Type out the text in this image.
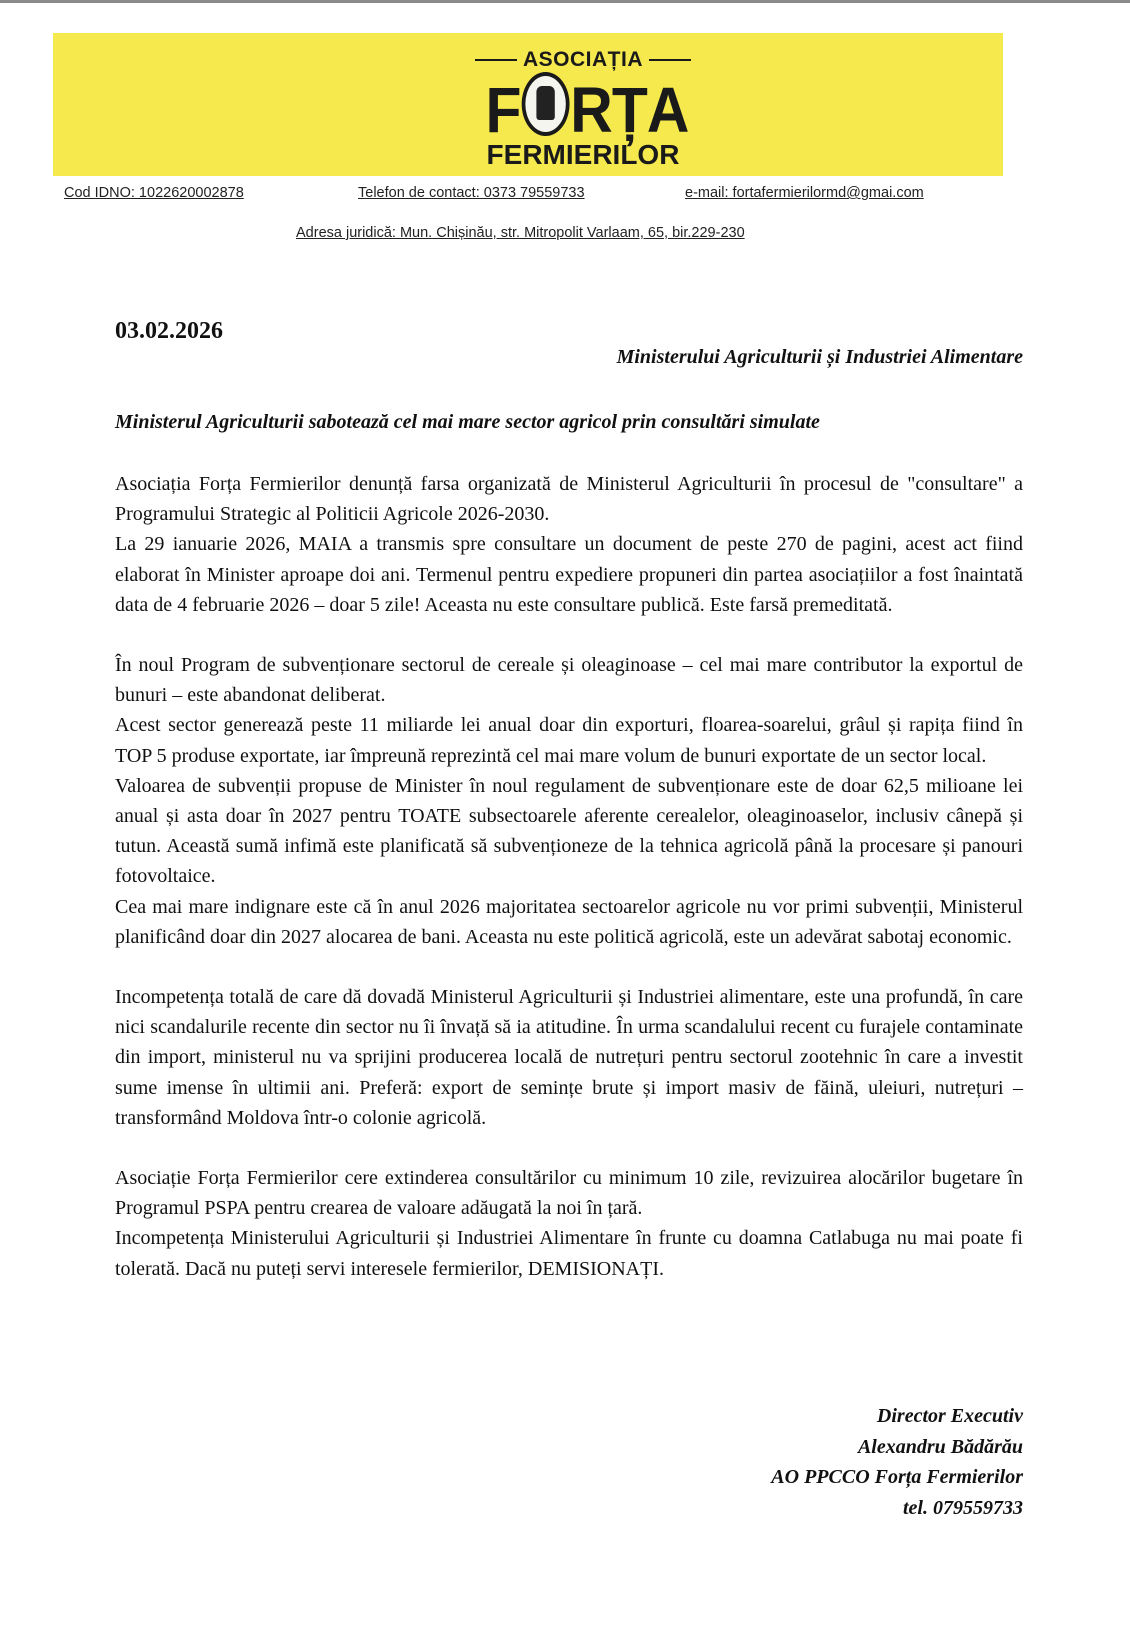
ASOCIAȚIA
F RȚA
FERMIERILOR
Cod IDNO: 1022620002878	Telefon de contact: 0373 79559733	e-mail: fortafermierilormd@gmai.com
Adresa juridică: Mun. Chișinău, str. Mitropolit Varlaam, 65, bir.229-230
03.02.2026
Ministerului Agriculturii și Industriei Alimentare
Ministerul Agriculturii sabotează cel mai mare sector agricol prin consultări simulate

Asociația Forța Fermierilor denunță farsa organizată de Ministerul Agriculturii în procesul de "consultare" a Programului Strategic al Politicii Agricole 2026-2030.

La 29 ianuarie 2026, MAIA a transmis spre consultare un document de peste 270 de pagini, acest act fiind elaborat în Minister aproape doi ani. Termenul pentru expediere propuneri din partea asociațiilor a fost înaintată data de 4 februarie 2026 – doar 5 zile! Aceasta nu este consultare publică. Este farsă premeditată.

În noul Program de subvenționare sectorul de cereale și oleaginoase – cel mai mare contributor la exportul de bunuri – este abandonat deliberat.

Acest sector generează peste 11 miliarde lei anual doar din exporturi, floarea-soarelui, grâul și rapița fiind în TOP 5 produse exportate, iar împreună reprezintă cel mai mare volum de bunuri exportate de un sector local.

Valoarea de subvenții propuse de Minister în noul regulament de subvenționare este de doar 62,5 milioane lei anual și asta doar în 2027 pentru TOATE subsectoarele aferente cerealelor, oleaginoaselor, inclusiv cânepă și tutun. Această sumă infimă este planificată să subvenționeze de la tehnica agricolă până la procesare și panouri fotovoltaice.

Cea mai mare indignare este că în anul 2026 majoritatea sectoarelor agricole nu vor primi subvenții, Ministerul planificând doar din 2027 alocarea de bani. Aceasta nu este politică agricolă, este un adevărat sabotaj economic.

Incompetența totală de care dă dovadă Ministerul Agriculturii și Industriei alimentare, este una profundă, în care nici scandalurile recente din sector nu îi învață să ia atitudine. În urma scandalului recent cu furajele contaminate din import, ministerul nu va sprijini producerea locală de nutrețuri pentru sectorul zootehnic în care a investit sume imense în ultimii ani. Preferă: export de semințe brute și import masiv de făină, uleiuri, nutrețuri – transformând Moldova într-o colonie agricolă.

Asociație Forța Fermierilor cere extinderea consultărilor cu minimum 10 zile, revizuirea alocărilor bugetare în Programul PSPA pentru crearea de valoare adăugată la noi în țară.

Incompetența Ministerului Agriculturii și Industriei Alimentare în frunte cu doamna Catlabuga nu mai poate fi tolerată. Dacă nu puteți servi interesele fermierilor, DEMISIONAȚI.

Director Executiv
Alexandru Bădărău
AO PPCCO Forța Fermierilor
tel. 079559733
